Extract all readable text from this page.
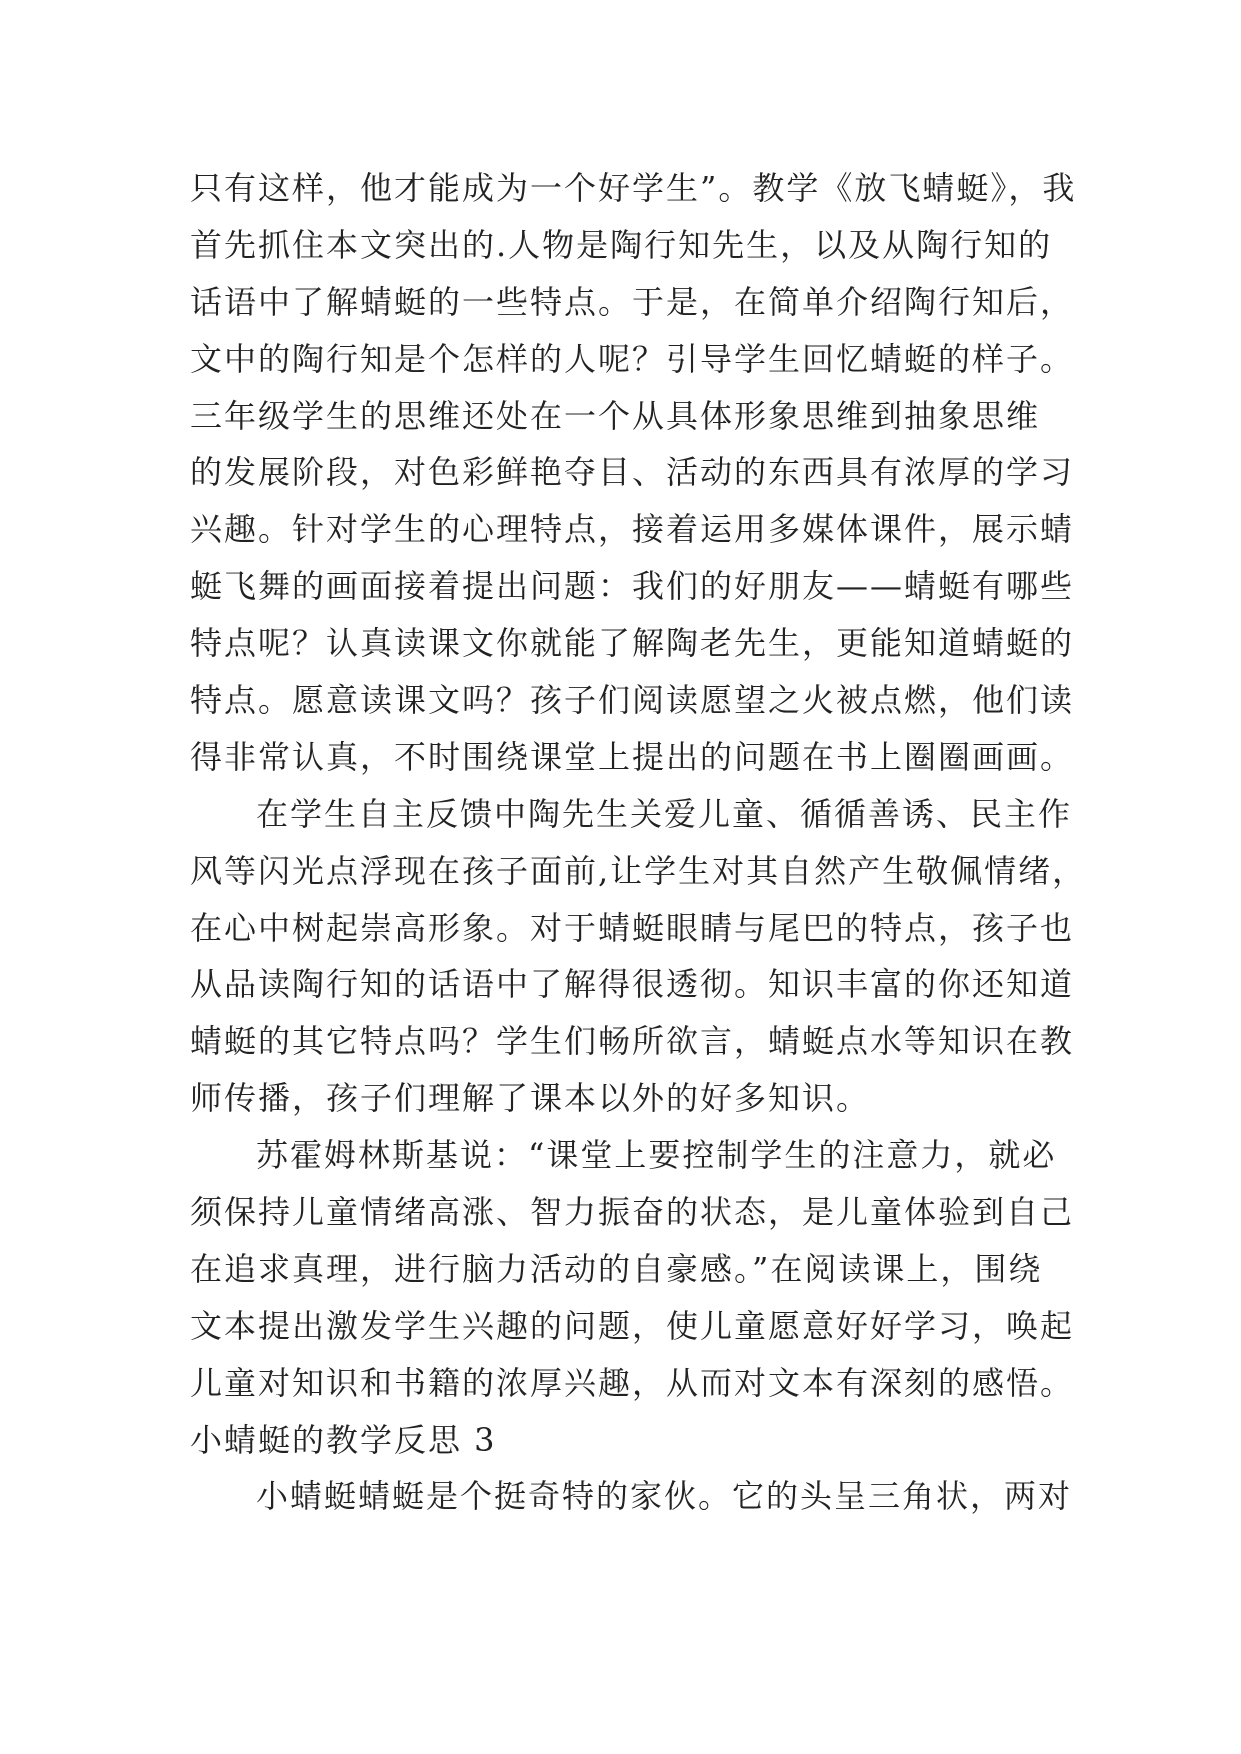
只有这样，他才能成为一个好学生”。教学《放飞蜻蜓》，我
首先抓住本文突出的.人物是陶行知先生，以及从陶行知的
话语中了解蜻蜓的一些特点。于是，在简单介绍陶行知后，
文中的陶行知是个怎样的人呢？引导学生回忆蜻蜓的样子。
三年级学生的思维还处在一个从具体形象思维到抽象思维
的发展阶段，对色彩鲜艳夺目、活动的东西具有浓厚的学习
兴趣。针对学生的心理特点，接着运用多媒体课件，展示蜻
蜓飞舞的画面接着提出问题：我们的好朋友——蜻蜓有哪些
特点呢？认真读课文你就能了解陶老先生，更能知道蜻蜓的
特点。愿意读课文吗？孩子们阅读愿望之火被点燃，他们读
得非常认真，不时围绕课堂上提出的问题在书上圈圈画画。
在学生自主反馈中陶先生关爱儿童、循循善诱、民主作
风等闪光点浮现在孩子面前,让学生对其自然产生敬佩情绪，
在心中树起崇高形象。对于蜻蜓眼睛与尾巴的特点，孩子也
从品读陶行知的话语中了解得很透彻。知识丰富的你还知道
蜻蜓的其它特点吗？学生们畅所欲言，蜻蜓点水等知识在教
师传播，孩子们理解了课本以外的好多知识。
苏霍姆林斯基说：“课堂上要控制学生的注意力，就必
须保持儿童情绪高涨、智力振奋的状态，是儿童体验到自己
在追求真理，进行脑力活动的自豪感。”在阅读课上，围绕
文本提出激发学生兴趣的问题，使儿童愿意好好学习，唤起
儿童对知识和书籍的浓厚兴趣，从而对文本有深刻的感悟。
小蜻蜓的教学反思 3
小蜻蜓蜻蜓是个挺奇特的家伙。它的头呈三角状，两对
